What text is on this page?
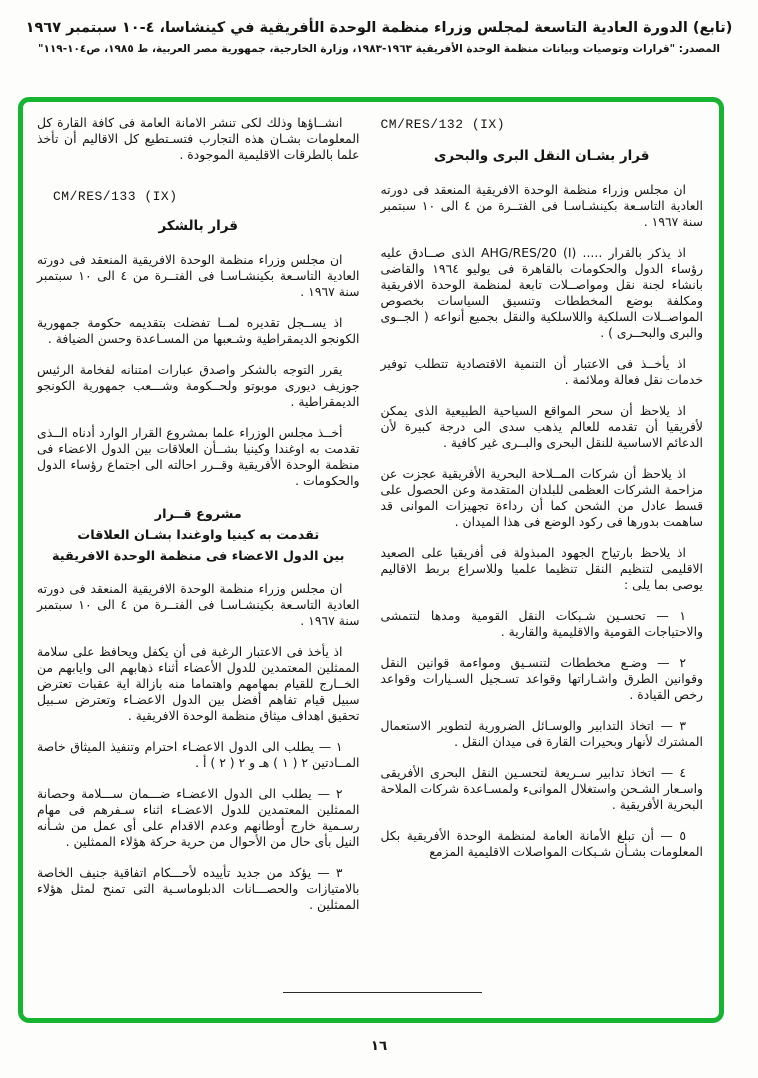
(تابع) الدورة العادية التاسعة لمجلس وزراء منظمة الوحدة الأفريقية في كينشاسا، ٤-١٠ سبتمبر ١٩٦٧
المصدر: "قرارات وتوصيات وبيانات منظمة الوحدة الأفريقية ١٩٦٣-١٩٨٣، وزارة الخارجية، جمهورية مصر العربية، ط ١٩٨٥، ص١٠٤-١١٩"
CM/RES/132 (IX)
قرار بشـان النقل البرى والبحرى

ان مجلس وزراء منظمة الوحدة الافريقية المنعقد فى دورته العادية التاسـعة بكينشـاسـا فى الفتــرة من ٤ الى ١٠ سبتمبر سنة ١٩٦٧ .

اذ يذكر بالقرار ..... ⁦AHG/RES/20 (I)⁩ الذى صــادق عليه رؤساء الدول والحكومات بالقاهرة فى يوليو ١٩٦٤ والقاضى بانشاء لجنة نقل ومواصــلات تابعة لمنظمة الوحدة الافريقية ومكلفة بوضع المخططات وتنسيق السياسات بخصوص المواصــلات السلكية واللاسلكية والنقل بجميع أنواعه ( الجــوى والبرى والبحــرى ) .

اذ يأخــذ فى الاعتبار أن التنمية الاقتصادية تتطلب توفير خدمات نقل فعالة وملائمة .

اذ يلاحظ أن سحر المواقع السياحية الطبيعية الذى يمكن لأفريقيا أن تقدمه للعالم يذهب سدى الى درجة كبيرة لأن الدعائم الاساسية للنقل البحرى والبــرى غير كافية .

اذ يلاحظ أن شركات المــلاحة البحرية الأفريقية عجزت عن مزاحمة الشركات العظمى للبلدان المتقدمة وعن الحصول على قسط عادل من الشحن كما أن رداءة تجهيزات الموانى قد ساهمت بدورها فى ركود الوضع فى هذا الميدان .

اذ يلاحظ بارتياح الجهود المبذولة فى أفريقيا على الصعيد الاقليمى لتنظيم النقل تنظيما علميا وللاسراع بربط الاقاليم يوصى بما يلى :

١ — تحسـين شـبكات النقل القومية ومدها لتتمشى والاحتياجات القومية والاقليمية والقارية .

٢ — وضـع مخططات لتنسـيق ومواءمة قوانين النقل وقوانين الطرق واشـاراتها وقواعد تسـجيل السـيارات وقواعد رخص القيادة .

٣ — اتخاذ التدابير والوسـائل الضرورية لتطوير الاستعمال المشترك لأنهار وبحيرات القارة فى ميدان النقل .

٤ — اتخاذ تدابير سـريعة لتحسـين النقل البحرى الأفريقى واسـعار الشـحن واستغلال الموانىء ولمسـاعدة شركات الملاحة البحرية الأفريقية .

٥ — أن تبلغ الأمانة العامة لمنظمة الوحدة الأفريقية بكل المعلومات بشـأن شـبكات المواصلات الاقليمية المزمع

انشــاؤها وذلك لكى تنشر الامانة العامة فى كافة القارة كل المعلومات بشـان هذه التجارب فتسـتطيع كل الاقاليم أن تأخذ علما بالطرقات الاقليمية الموجودة .

CM/RES/133 (IX)
قرار بالشكر

ان مجلس وزراء منظمة الوحدة الافريقية المنعقد فى دورته العادية التاسـعة بكينشـاسـا فى الفتــرة من ٤ الى ١٠ سبتمبر سنة ١٩٦٧ .

اذ يســجل تقديره لمــا تفضلت بتقديمه حكومة جمهورية الكونجو الديمقراطية وشـعبها من المسـاعدة وحسن الضيافة .

يقرر التوجه بالشكر واصدق عبارات امتنانه لفخامة الرئيس جوزيف ديورى موبوتو ولحــكومة وشـــعب جمهورية الكونجو الديمقراطية .

أخــذ مجلس الوزراء علما بمشروع القرار الوارد أدناه الــذى تقدمت به اوغندا وكينيا بشــأن العلاقات بين الدول الاعضاء فى منظمة الوحدة الأفريقية وقــرر احالته الى اجتماع رؤساء الدول والحكومات .

مشروع قــرار
تقدمت به كينيا واوغندا بشـان العلاقات
بين الدول الاعضاء فى منظمة الوحدة الافريقية

ان مجلس وزراء منظمة الوحدة الافريقية المنعقد فى دورته العادية التاسـعة بكينشـاسـا فى الفتــرة من ٤ الى ١٠ سبتمبر سنة ١٩٦٧ .

اذ يأخذ فى الاعتبار الرغبة فى أن يكفل ويحافظ على سلامة الممثلين المعتمدين للدول الأعضاء أثناء ذهابهم الى وايابهم من الخــارج للقيام بمهامهم واهتماما منه بازالة اية عقبات تعترض سبيل قيام تفاهم أفضل بين الدول الاعضـاء وتعترض سـبيل تحقيق اهداف ميثاق منظمة الوحدة الافريقية .

١ — يطلب الى الدول الاعضـاء احترام وتنفيذ الميثاق خاصة المــادتين ٢ ( ١ ) هـ و ٢ ( ٢ ) أ .

٢ — يطلب الى الدول الاعضـاء ضـــمان ســـلامة وحصانة الممثلين المعتمدين للدول الاعضـاء اثناء سـفرهم فى مهام رسـمية خارج أوطانهم وعدم الاقدام على أى عمل من شـأنه النيل بأى حال من الأحوال من حرية حركة هؤلاء الممثلين .

٣ — يؤكد من جديد تأييده لأحـــكام اتفاقية جنيف الخاصة بالامتيازات والحصـــانات الدبلوماسـية التى تمنح لمثل هؤلاء الممثلين .

١٦
